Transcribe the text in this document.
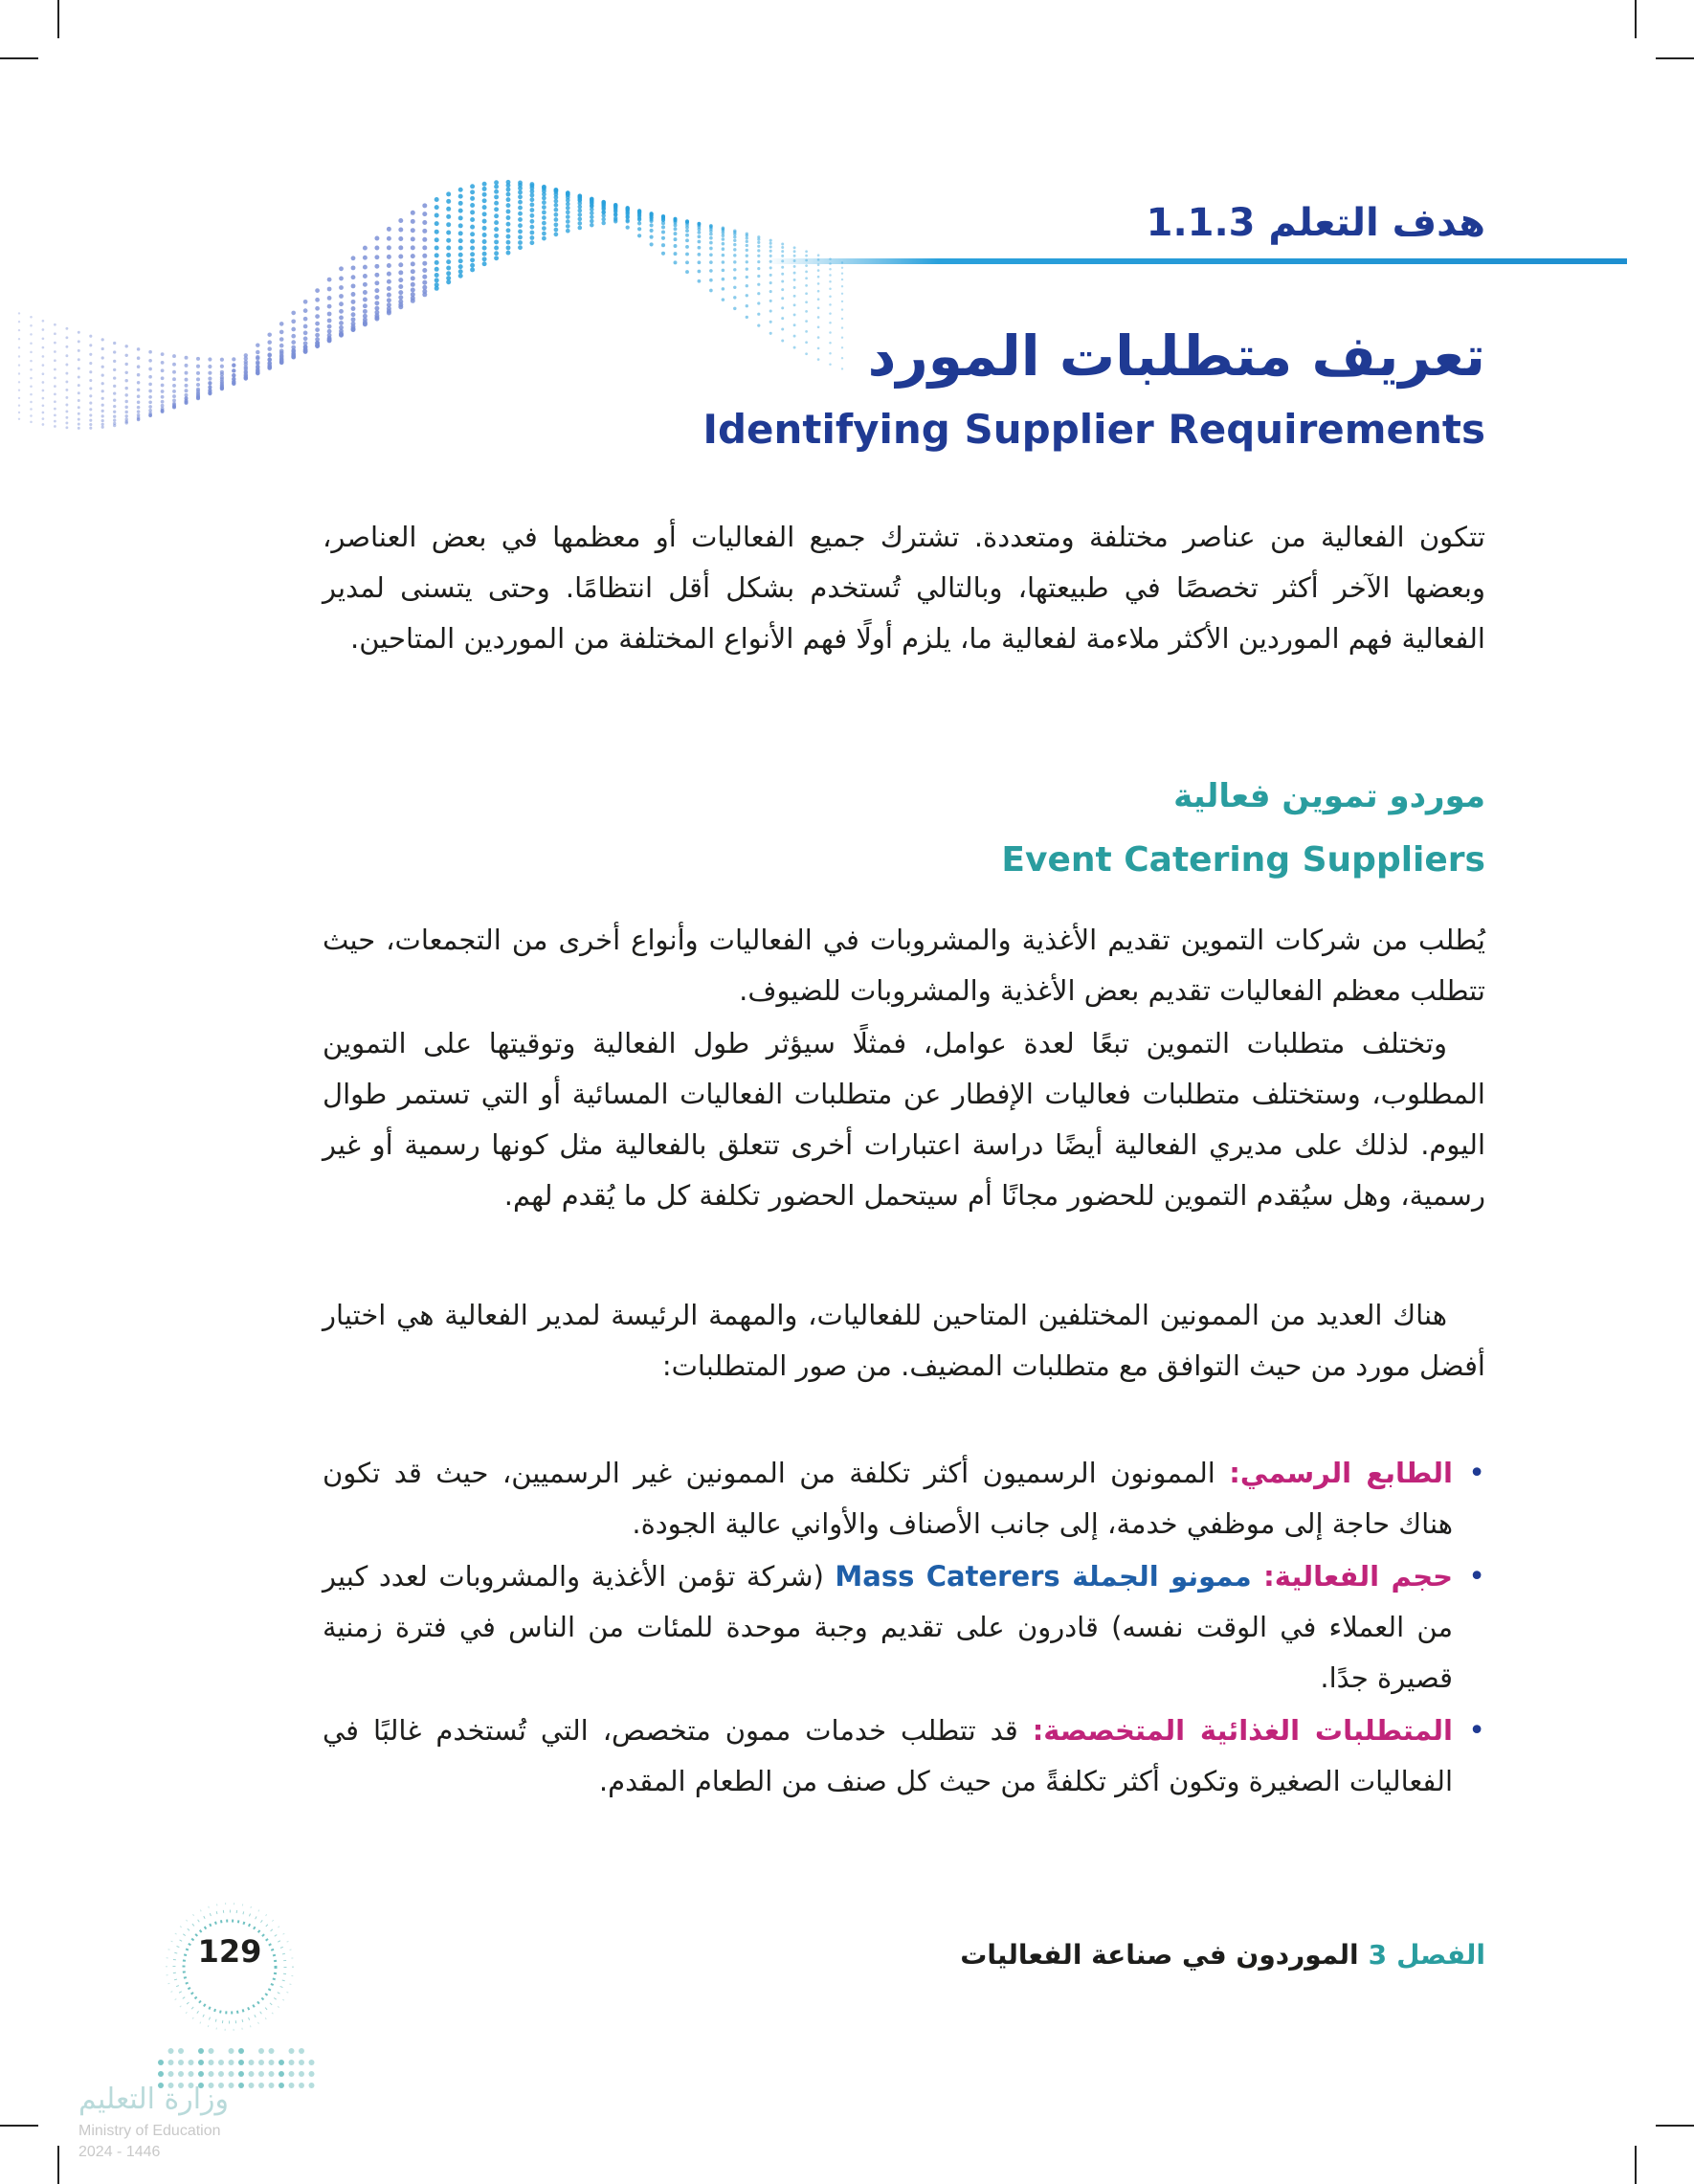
هدف التعلم 1.1.3
تعريف متطلبات المورد
Identifying Supplier Requirements

تتكون الفعالية من عناصر مختلفة ومتعددة. تشترك جميع الفعاليات أو معظمها في بعض العناصر، وبعضها الآخر أكثر تخصصًا في طبيعتها، وبالتالي تُستخدم بشكل أقل انتظامًا. وحتى يتسنى لمدير الفعالية فهم الموردين الأكثر ملاءمة لفعالية ما، يلزم أولًا فهم الأنواع المختلفة من الموردين المتاحين.

موردو تموين فعالية
Event Catering Suppliers

يُطلب من شركات التموين تقديم الأغذية والمشروبات في الفعاليات وأنواع أخرى من التجمعات، حيث تتطلب معظم الفعاليات تقديم بعض الأغذية والمشروبات للضيوف.

وتختلف متطلبات التموين تبعًا لعدة عوامل، فمثلًا سيؤثر طول الفعالية وتوقيتها على التموين المطلوب، وستختلف متطلبات فعاليات الإفطار عن متطلبات الفعاليات المسائية أو التي تستمر طوال اليوم. لذلك على مديري الفعالية أيضًا دراسة اعتبارات أخرى تتعلق بالفعالية مثل كونها رسمية أو غير رسمية، وهل سيُقدم التموين للحضور مجانًا أم سيتحمل الحضور تكلفة كل ما يُقدم لهم.

هناك العديد من الممونين المختلفين المتاحين للفعاليات، والمهمة الرئيسة لمدير الفعالية هي اختيار أفضل مورد من حيث التوافق مع متطلبات المضيف. من صور المتطلبات:

• الطابع الرسمي: الممونون الرسميون أكثر تكلفة من الممونين غير الرسميين، حيث قد تكون هناك حاجة إلى موظفي خدمة، إلى جانب الأصناف والأواني عالية الجودة.
• حجم الفعالية: ممونو الجملة Mass Caterers (شركة تؤمن الأغذية والمشروبات لعدد كبير من العملاء في الوقت نفسه) قادرون على تقديم وجبة موحدة للمئات من الناس في فترة زمنية قصيرة جدًا.
• المتطلبات الغذائية المتخصصة: قد تتطلب خدمات ممون متخصص، التي تُستخدم غالبًا في الفعاليات الصغيرة وتكون أكثر تكلفةً من حيث كل صنف من الطعام المقدم.
الفصل3الموردون في صناعة الفعاليات
129
وزارة التعليم
Ministry of Education
2024 - 1446
